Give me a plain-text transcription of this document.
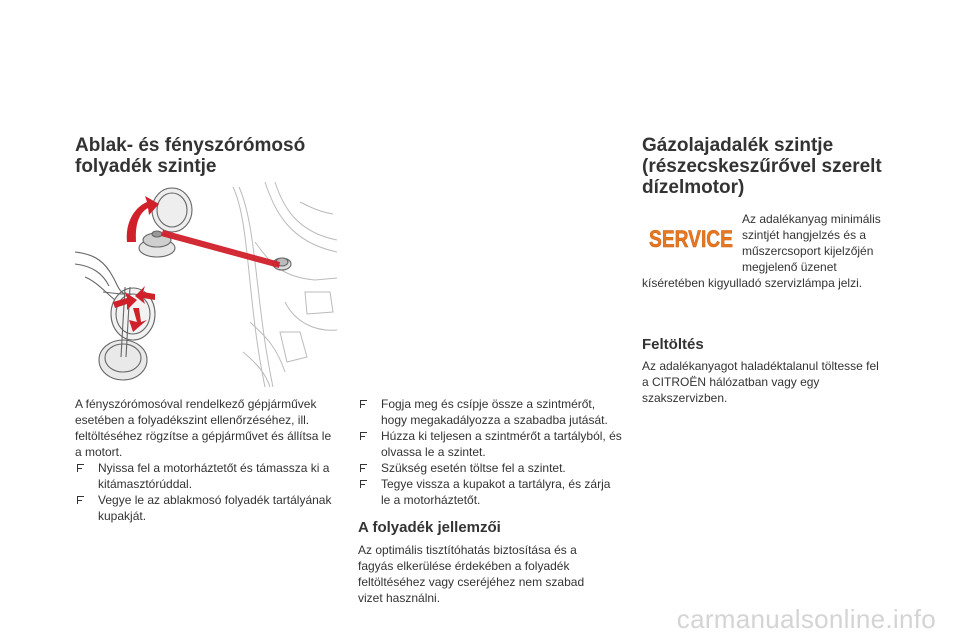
Ablak- és fényszórómosó folyadék szintje

A fényszórómosóval rendelkező gépjárművek esetében a folyadékszint ellenőrzéséhez, ill. feltöltéséhez rögzítse a gépjárművet és állítsa le a motort.

Nyissa fel a motorháztetőt és támassza ki a kitámasztórúddal.
Vegye le az ablakmosó folyadék tartályának kupakját.
Fogja meg és csípje össze a szintmérőt, hogy megakadályozza a szabadba jutását.
Húzza ki teljesen a szintmérőt a tartályból, és olvassa le a szintet.
Szükség esetén töltse fel a szintet.
Tegye vissza a kupakot a tartályra, és zárja le a motorháztetőt.
A folyadék jellemzői

Az optimális tisztítóhatás biztosítása és a fagyás elkerülése érdekében a folyadék feltöltéséhez vagy cseréjéhez nem szabad vizet használni.

Gázolajadalék szintje (részecskeszűrővel szerelt dízelmotor)
SERVICE

Az adalékanyag minimális szintjét hangjelzés és a műszercsoport kijelzőjén megjelenő üzenet

kíséretében kigyulladó szervizlámpa jelzi.

Feltöltés

Az adalékanyagot haladéktalanul töltesse fel a CITROËN hálózatban vagy egy szakszervizben.

carmanualsonline.info
